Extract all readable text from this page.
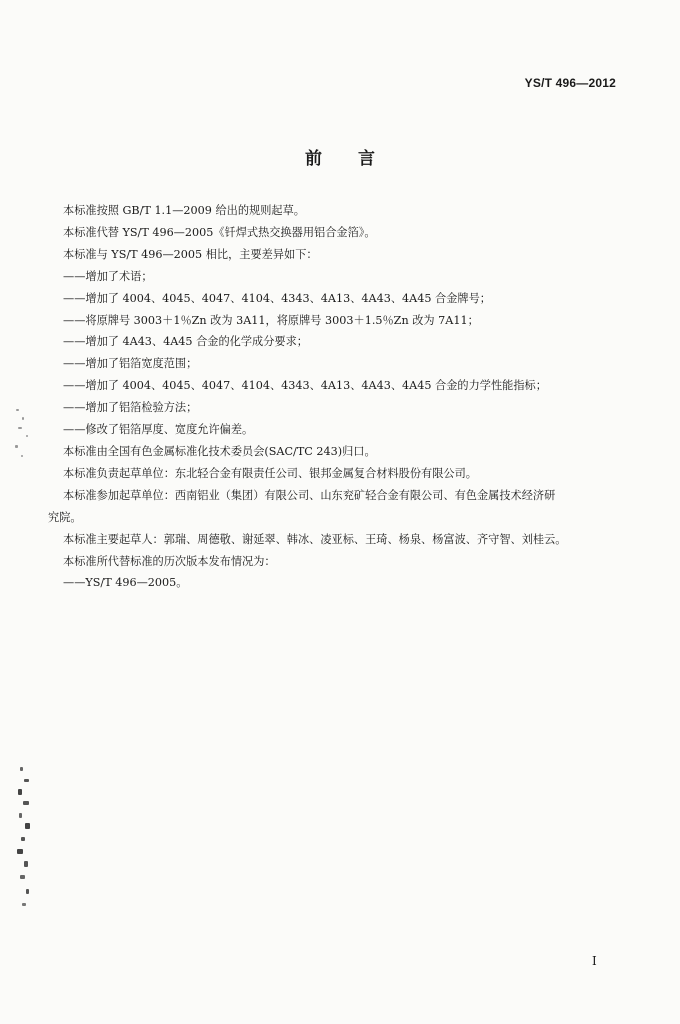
YS/T 496—2012
前言
本标准按照 GB/T 1.1—2009 给出的规则起草。
本标准代替 YS/T 496—2005《钎焊式热交换器用铝合金箔》。
本标准与 YS/T 496—2005 相比，主要差异如下：
——增加了术语；
——增加了 4004、4045、4047、4104、4343、4A13、4A43、4A45 合金牌号；
——将原牌号 3003＋1％Zn 改为 3A11，将原牌号 3003＋1.5％Zn 改为 7A11；
——增加了 4A43、4A45 合金的化学成分要求；
——增加了铝箔宽度范围；
——增加了 4004、4045、4047、4104、4343、4A13、4A43、4A45 合金的力学性能指标；
——增加了铝箔检验方法；
——修改了铝箔厚度、宽度允许偏差。
本标准由全国有色金属标准化技术委员会(SAC/TC 243)归口。
本标准负责起草单位：东北轻合金有限责任公司、银邦金属复合材料股份有限公司。
本标准参加起草单位：西南铝业（集团）有限公司、山东兖矿轻合金有限公司、有色金属技术经济研
究院。
本标准主要起草人：郭瑞、周德敬、谢延翠、韩冰、凌亚标、王琦、杨泉、杨富波、齐守智、刘桂云。
本标准所代替标准的历次版本发布情况为：
——YS/T 496—2005。
I
